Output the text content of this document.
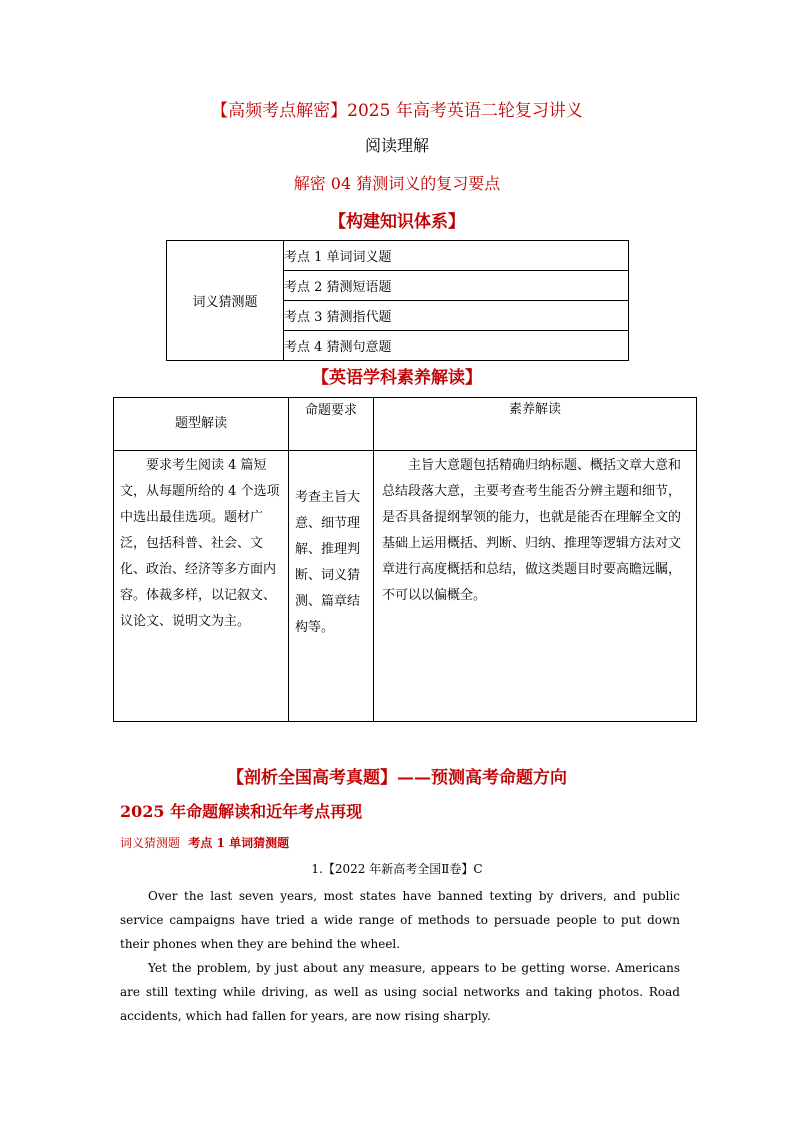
【高频考点解密】2025 年高考英语二轮复习讲义
阅读理解
解密 04 猜测词义的复习要点
【构建知识体系】
词义猜测题	考点 1 单词词义题
考点 2 猜测短语题
考点 3 猜测指代题
考点 4 猜测句意题
【英语学科素养解读】
题型解读	命题要求	素养解读
要求考生阅读 4 篇短文，从每题所给的 4 个选项中选出最佳选项。题材广泛，包括科普、社会、文化、政治、经济等多方面内容。体裁多样，以记叙文、议论文、说明文为主。	考查主旨大意、细节理解、推理判断、词义猜测、篇章结构等。	主旨大意题包括精确归纳标题、概括文章大意和总结段落大意，主要考查考生能否分辨主题和细节，是否具备提纲挈领的能力，也就是能否在理解全文的基础上运用概括、判断、归纳、推理等逻辑方法对文章进行高度概括和总结，做这类题目时要高瞻远瞩，不可以以偏概全。
【剖析全国高考真题】——预测高考命题方向
2025 年命题解读和近年考点再现
词义猜测题 考点 1 单词猜测题
1.【2022 年新高考全国Ⅱ卷】C

Over the last seven years, most states have banned texting by drivers, and public service campaigns have tried a wide range of methods to persuade people to put down their phones when they are behind the wheel.

Yet the problem, by just about any measure, appears to be getting worse. Americans are still texting while driving, as well as using social networks and taking photos. Road accidents, which had fallen for years, are now rising sharply.
